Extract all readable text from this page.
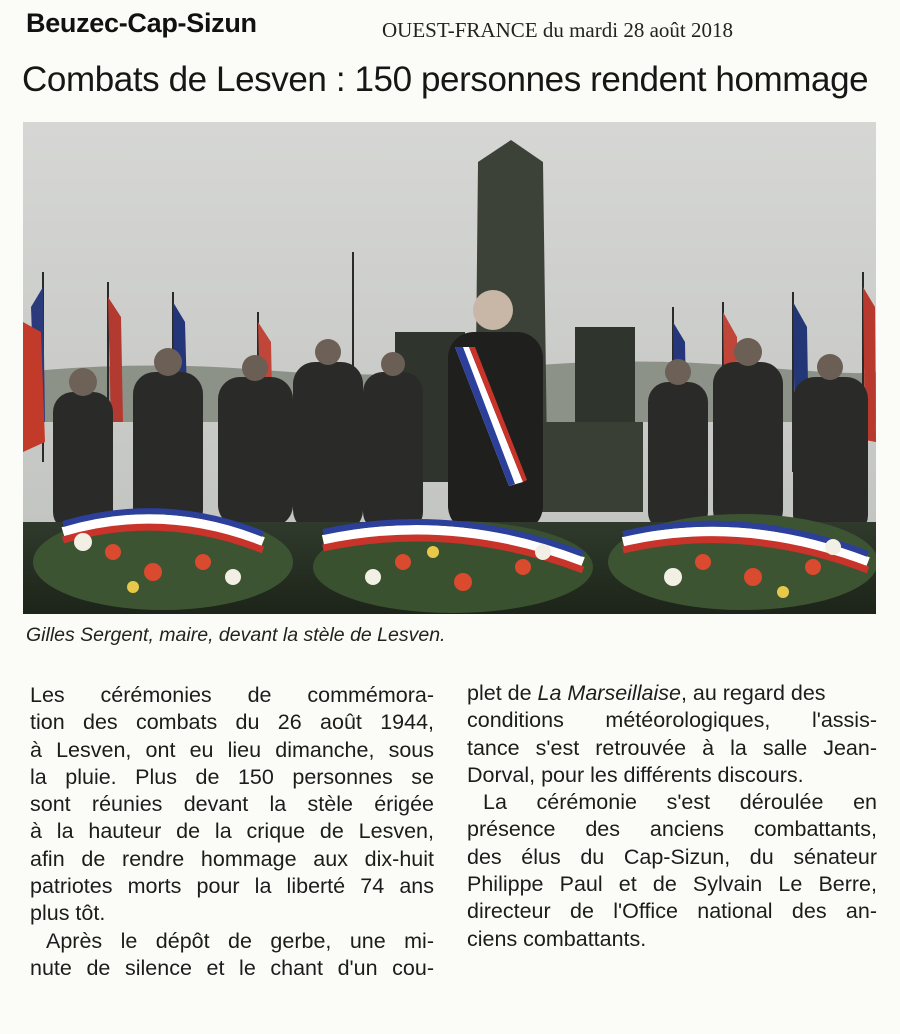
Beuzec-Cap-Sizun	OUEST-FRANCE du mardi 28 août 2018
Combats de Lesven : 150 personnes rendent hommage
Gilles Sergent, maire, devant la stèle de Lesven.
Les cérémonies de commémora-
tion des combats du 26 août 1944,
à Lesven, ont eu lieu dimanche, sous
la pluie. Plus de 150 personnes se
sont réunies devant la stèle érigée
à la hauteur de la crique de Lesven,
afin de rendre hommage aux dix-huit
patriotes morts pour la liberté 74 ans
plus tôt.
Après le dépôt de gerbe, une mi-
nute de silence et le chant d'un cou-
plet de La Marseillaise, au regard des
conditions météorologiques, l'assis-
tance s'est retrouvée à la salle Jean-
Dorval, pour les différents discours.
La cérémonie s'est déroulée en
présence des anciens combattants,
des élus du Cap-Sizun, du sénateur
Philippe Paul et de Sylvain Le Berre,
directeur de l'Office national des an-
ciens combattants.
